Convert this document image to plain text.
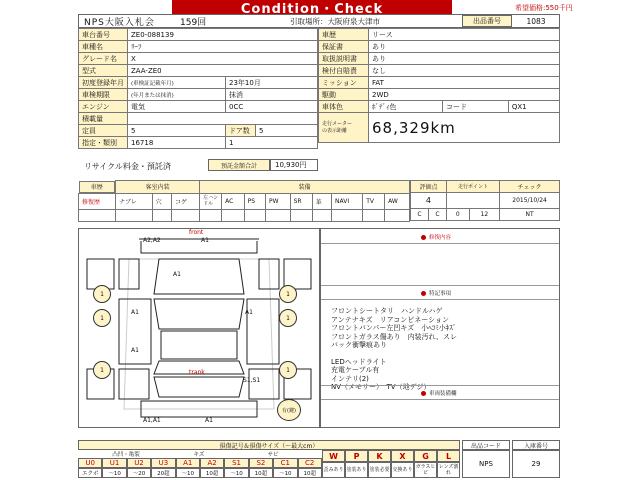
Condition・Check	希望価格:550千円
NPS大阪入札会	159回	引取場所：大阪府泉大津市	出品番号	1083
車台番号	ZE0-088139		
車種名	ﾘｰﾌ		
グレード名	X		
型式	ZAA-ZE0		
初度登録年月	(車検証記載年月)	23年10月	
車検期限	(年月または抹消)	抹消	
エンジン	電気	0CC	
積載量			
定員	5	ドア数	5
指定・類別	16718	1	
車歴	リース		
保証書	あり		
取扱説明書	あり		
検付自賠責	なし		
ミッション	FAT		
駆動	2WD		
車体色	ﾎﾞﾃﾞｨ色	コード	QX1
走行メーター
の表示距離	68,329km		
リサイクル料金・預託済	預託金額合計	10,930円
車歴	客室内装			装備								
修復歴	ナブレ	穴	コゲ	左ハンドル	AC	PS	PW	SR	革	NAVI	TV	AW

評価点		走行ポイント		チェック
4				2015/10/24
C	C	0	12	NT
front
trank
A2,A2	A1
A1
A1	A1
A1
S1,S1
A1,A1	A1
1	1
1	1
1	1
有(鍵)
修復内容
特記事項
フロントシートタリ　ハンドルハゲ
アンテナキズ　リアコンビネーション
フロントバンパー左凹キズ　小ﾍｺﾐ小ｷｽﾞ
フロントガラス傷あり　内装汚れ、スレ
バック衝撃痕あり
LEDヘッドライト
充電ケーブル有
インテリ(2)
NV（メモリー）　TV（地デジ）
車両装備欄
損傷記号＆損傷サイズ（～最大cm）	出品コード	入庫番号
凸凹・亀裂	キズ	サビ
U0	U1	U2	U3	A1	A2	S1	S2	C1	C2
エクボ	～10	～20	20超	～10	10超	～10	10超	～10	10超
W	P	K	X	G	L
歪みあり 塗装あり 塗装必要 交換あり ガラスヒビ
レンズ割れ
NPS	29
